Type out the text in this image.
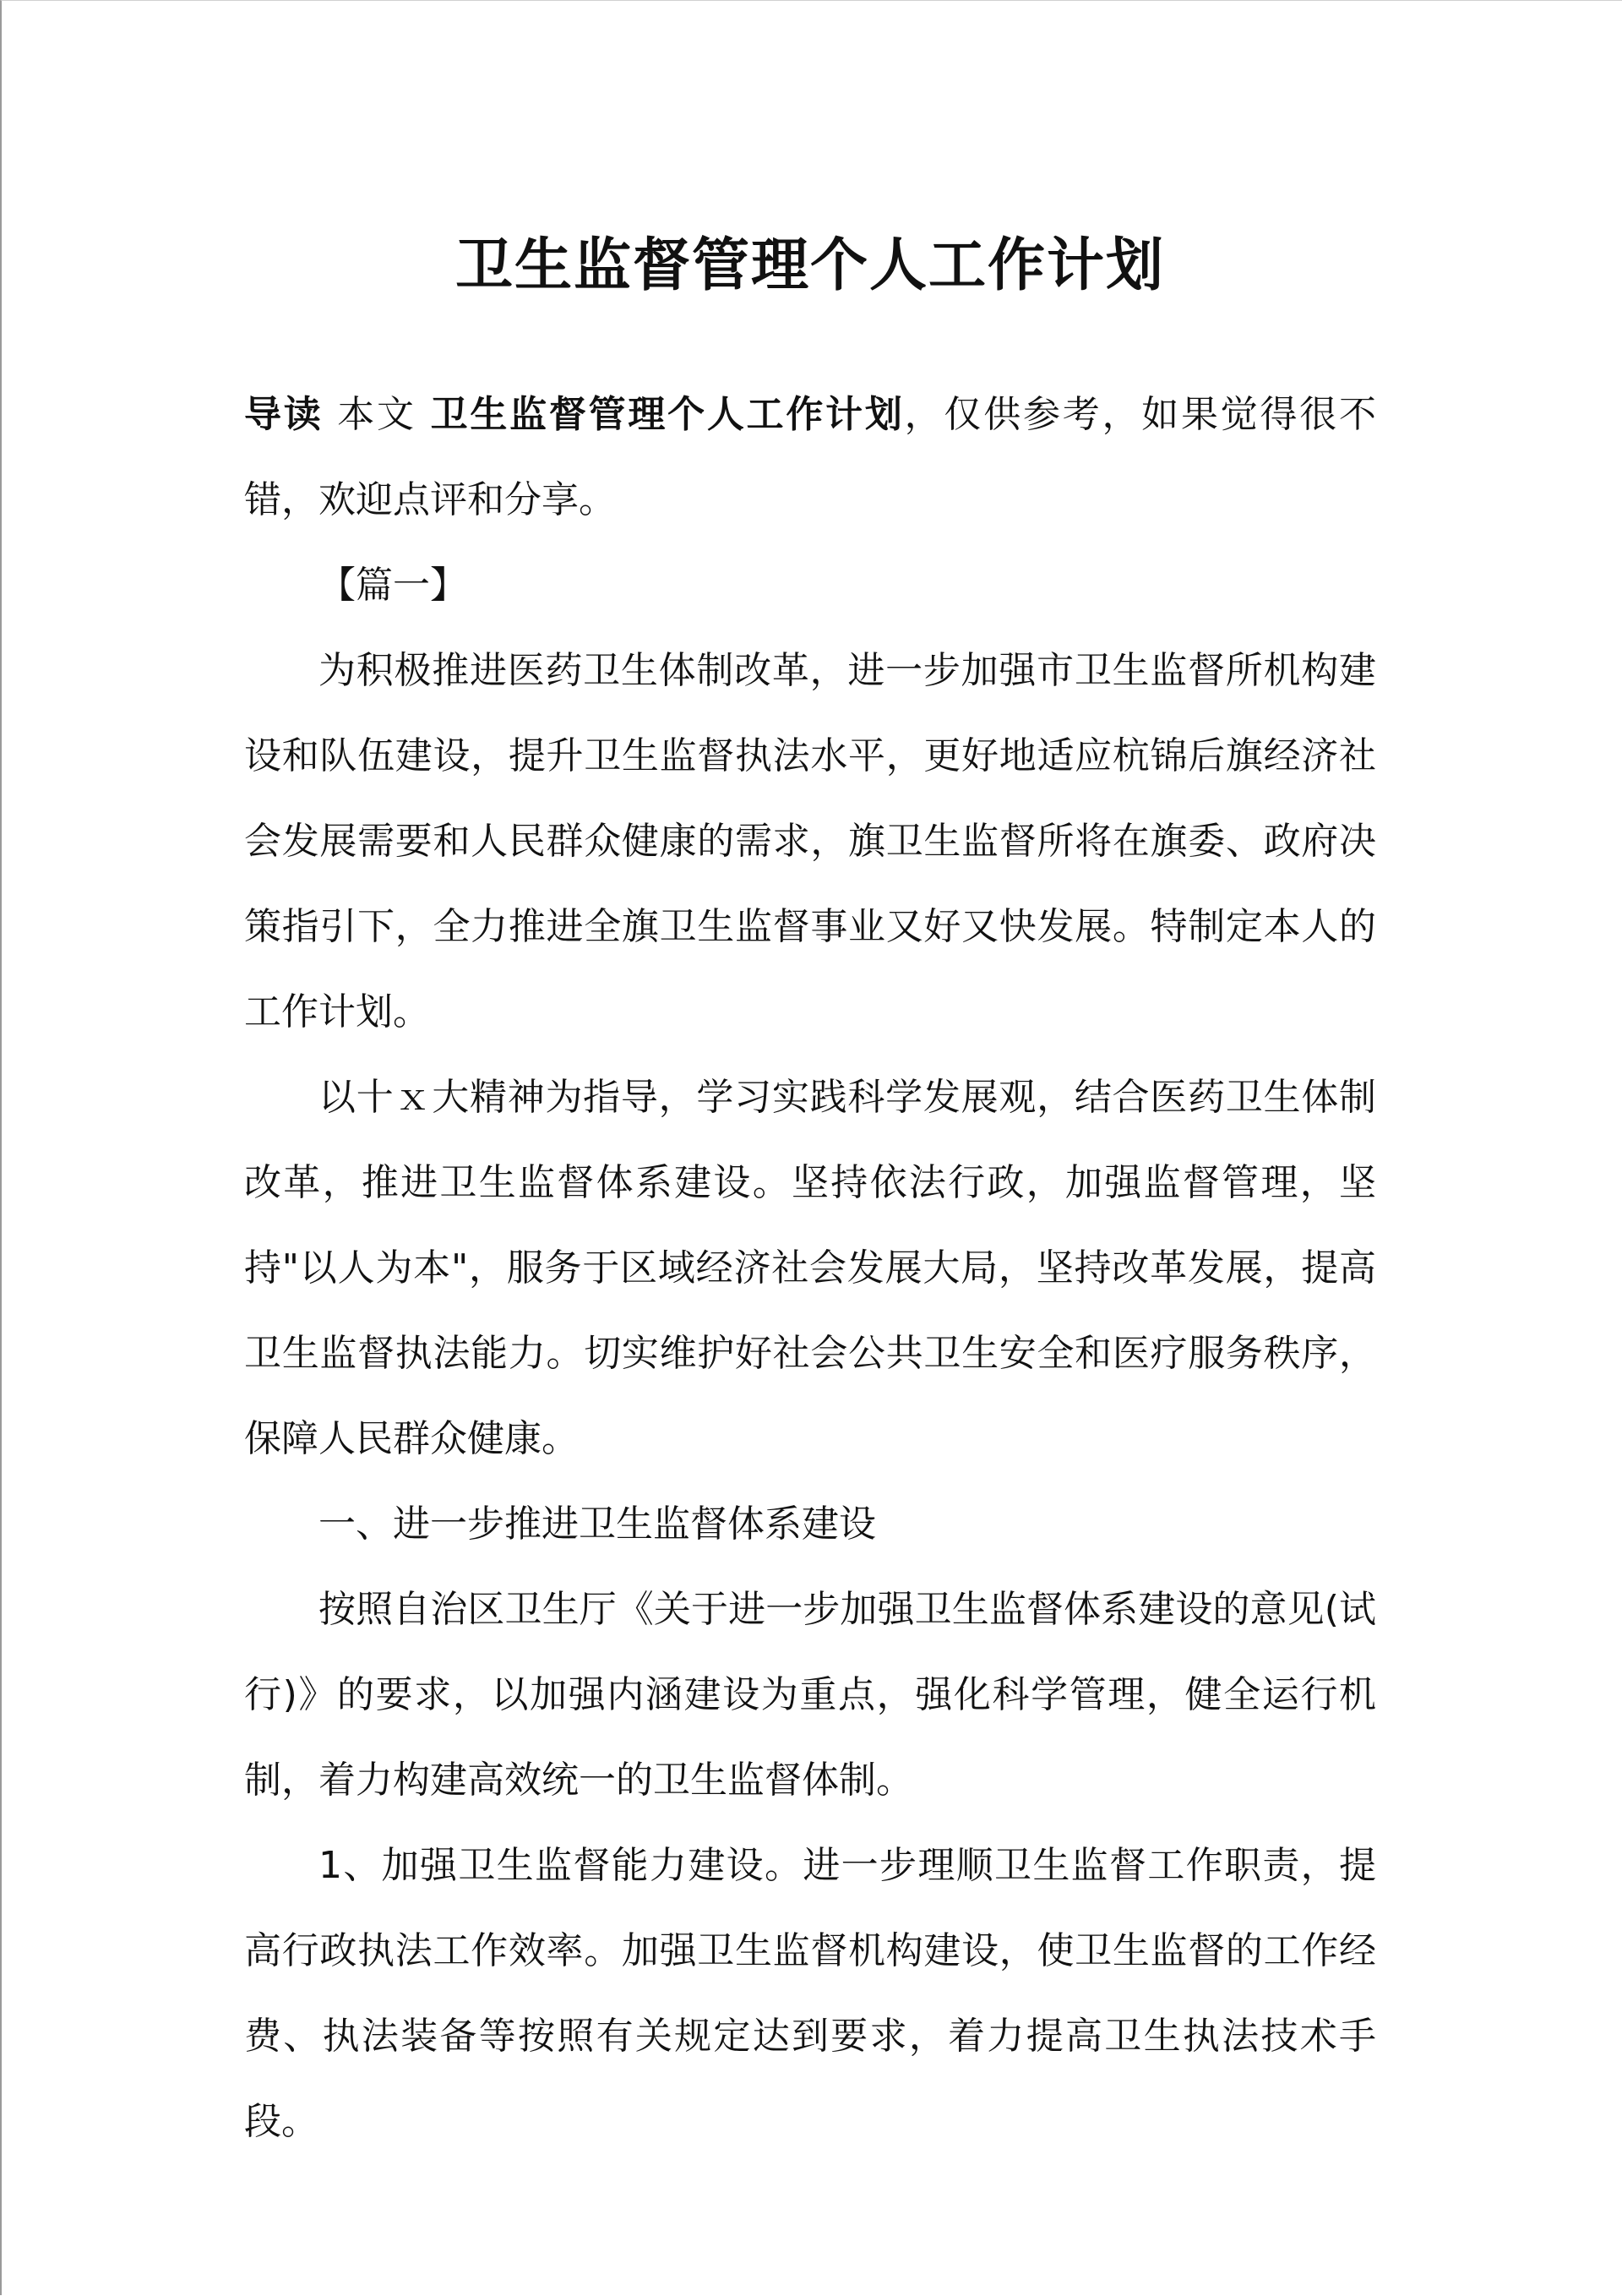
卫生监督管理个人工作计划

导读 本文 卫生监督管理个人工作计划，仅供参考，如果觉得很不错，欢迎点评和分享。

【篇一】

为积极推进医药卫生体制改革，进一步加强市卫生监督所机构建设和队伍建设，提升卫生监督执法水平，更好地适应杭锦后旗经济社会发展需要和人民群众健康的需求，旗卫生监督所将在旗委、政府决策指引下，全力推进全旗卫生监督事业又好又快发展。特制定本人的工作计划。

以十ｘ大精神为指导，学习实践科学发展观，结合医药卫生体制改革，推进卫生监督体系建设。坚持依法行政，加强监督管理，坚持"以人为本"，服务于区域经济社会发展大局，坚持改革发展，提高卫生监督执法能力。切实维护好社会公共卫生安全和医疗服务秩序，保障人民群众健康。

一、进一步推进卫生监督体系建设

按照自治区卫生厅《关于进一步加强卫生监督体系建设的意见(试行)》的要求，以加强内涵建设为重点，强化科学管理，健全运行机制，着力构建高效统一的卫生监督体制。

1、加强卫生监督能力建设。进一步理顺卫生监督工作职责，提高行政执法工作效率。加强卫生监督机构建设，使卫生监督的工作经费、执法装备等按照有关规定达到要求，着力提高卫生执法技术手段。
